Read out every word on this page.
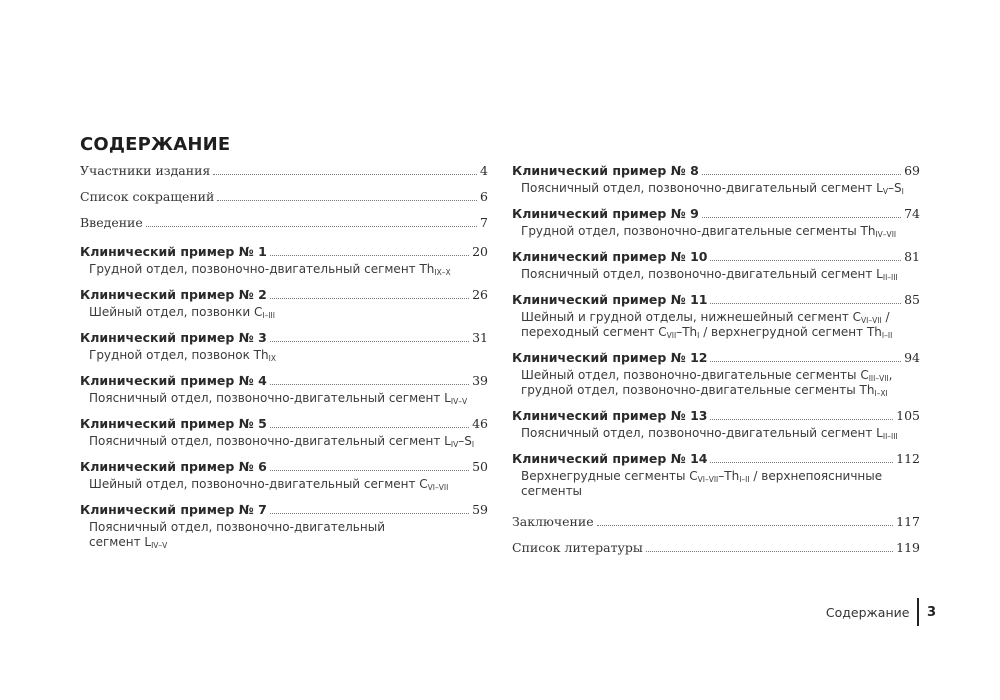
СОДЕРЖАНИЕ
Участники издания	4
Список сокращений	6
Введение	7
Клинический пример № 1	20
Грудной отдел, позвоночно-двигательный сегмент $Th_{IX-X}$
Клинический пример № 2	26
Шейный отдел, позвонки $C_{I-III}$
Клинический пример № 3	31
Грудной отдел, позвонок $Th_{IX}$
Клинический пример № 4	39
Поясничный отдел, позвоночно-двигательный сегмент $L_{IV-V}$
Клинический пример № 5	46
Поясничный отдел, позвоночно-двигательный сегмент $L_{IV}-S_I$
Клинический пример № 6	50
Шейный отдел, позвоночно-двигательный сегмент $C_{VI-VII}$
Клинический пример № 7	59
Поясничный отдел, позвоночно-двигательный
сегмент $L_{IV-V}$
Клинический пример № 8	69
Поясничный отдел, позвоночно-двигательный сегмент $L_V-S_I$
Клинический пример № 9	74
Грудной отдел, позвоночно-двигательные сегменты $Th_{IV-VII}$
Клинический пример № 10	81
Поясничный отдел, позвоночно-двигательный сегмент $L_{II-III}$
Клинический пример № 11	85
Шейный и грудной отделы, нижнешейный сегмент $C_{VI-VII}$ /
переходный сегмент $C_{VII}-Th_I$ / верхнегрудной сегмент $Th_{I-II}$
Клинический пример № 12	94
Шейный отдел, позвоночно-двигательные сегменты $C_{III-VII}$,
грудной отдел, позвоночно-двигательные сегменты $Th_{I-XI}$
Клинический пример № 13	105
Поясничный отдел, позвоночно-двигательный сегмент $L_{II-III}$
Клинический пример № 14	112
Верхнегрудные сегменты $C_{VI-VII}-Th_{I-II}$ / верхнепоясничные
сегменты
Заключение	117
Список литературы	119
Содержание	3
